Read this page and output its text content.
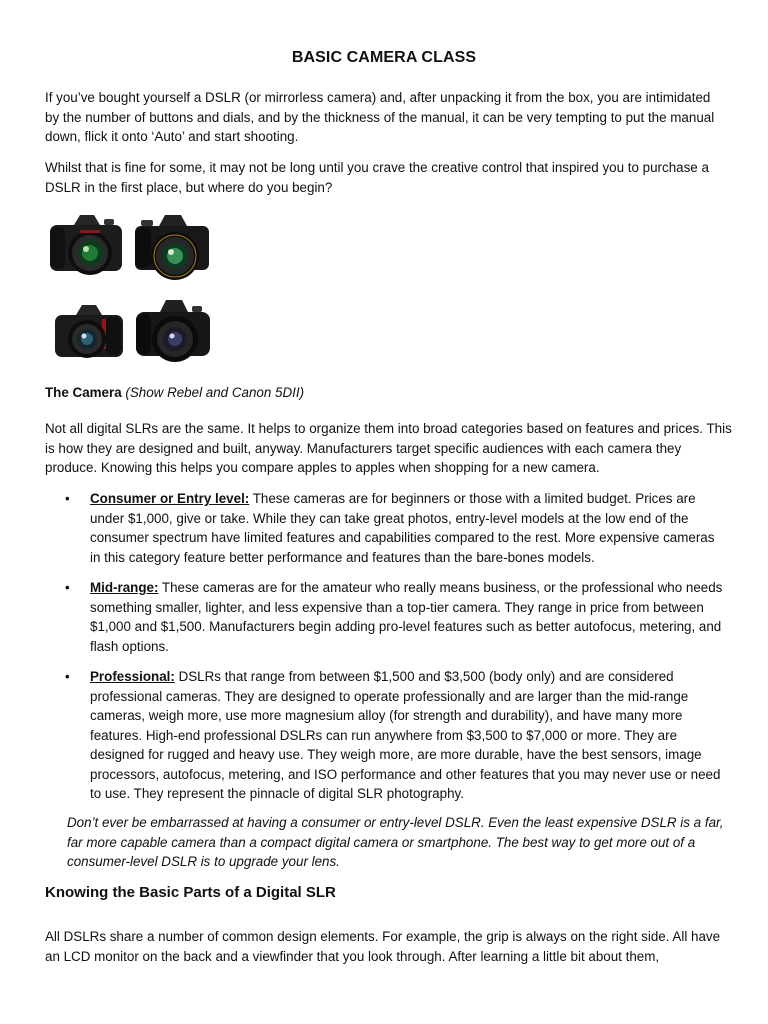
BASIC CAMERA CLASS

If you’ve bought yourself a DSLR (or mirrorless camera) and, after unpacking it from the box, you are intimidated by the number of buttons and dials, and by the thickness of the manual, it can be very tempting to put the manual down, flick it onto ‘Auto’ and start shooting.

Whilst that is fine for some, it may not be long until you crave the creative control that inspired you to purchase a DSLR in the first place, but where do you begin?

The Camera (Show Rebel and Canon 5DII)

Not all digital SLRs are the same. It helps to organize them into broad categories based on features and prices. This is how they are designed and built, anyway. Manufacturers target specific audiences with each camera they produce. Knowing this helps you compare apples to apples when shopping for a new camera.

• Consumer or Entry level: These cameras are for beginners or those with a limited budget. Prices are under $1,000, give or take. While they can take great photos, entry-level models at the low end of the consumer spectrum have limited features and capabilities compared to the rest. More expensive cameras in this category feature better performance and features than the bare-bones models.
• Mid-range: These cameras are for the amateur who really means business, or the professional who needs something smaller, lighter, and less expensive than a top-tier camera. They range in price from between $1,000 and $1,500. Manufacturers begin adding pro-level features such as better autofocus, metering, and flash options.
• Professional: DSLRs that range from between $1,500 and $3,500 (body only) and are considered professional cameras. They are designed to operate professionally and are larger than the mid-range cameras, weigh more, use more magnesium alloy (for strength and durability), and have many more features. High-end professional DSLRs can run anywhere from $3,500 to $7,000 or more. They are designed for rugged and heavy use. They weigh more, are more durable, have the best sensors, image processors, autofocus, metering, and ISO performance and other features that you may never use or need to use. They represent the pinnacle of digital SLR photography.

Don’t ever be embarrassed at having a consumer or entry-level DSLR. Even the least expensive DSLR is a far, far more capable camera than a compact digital camera or smartphone. The best way to get more out of a consumer-level DSLR is to upgrade your lens.

Knowing the Basic Parts of a Digital SLR

All DSLRs share a number of common design elements. For example, the grip is always on the right side. All have an LCD monitor on the back and a viewfinder that you look through. After learning a little bit about them,
